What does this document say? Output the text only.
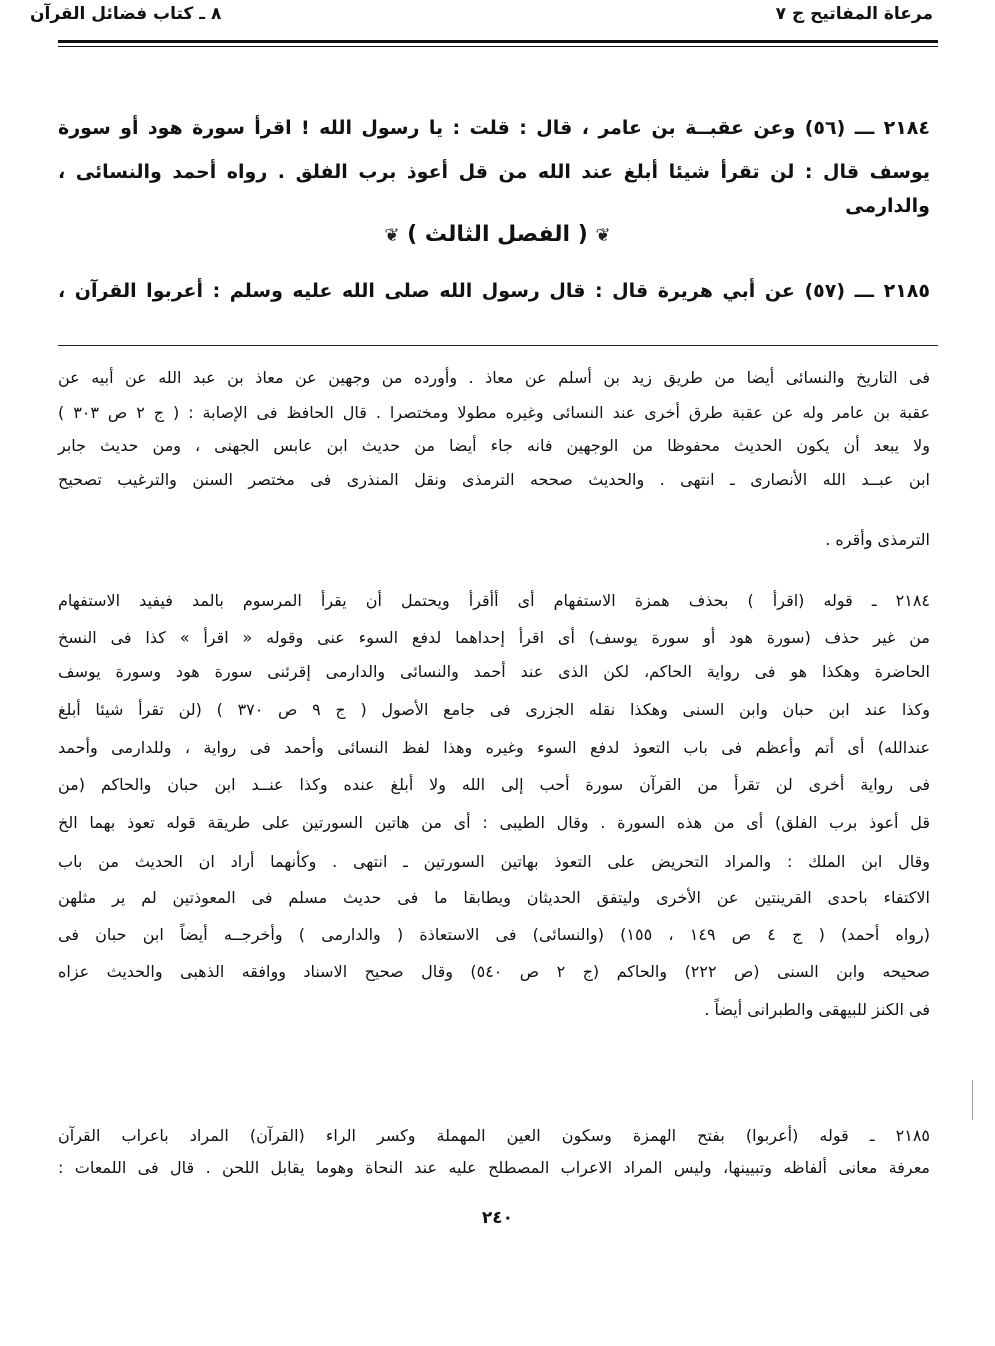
مرعاة المفاتيح ج ٧
٨ ـ كتاب فضائل القرآن
٢١٨٤ ـــ (٥٦) وعن عقبــة بن عامر ، قال : قلت : يا رسول الله ! اقرأ سورة هود أو سورة
يوسف قال : لن تقرأ شيئا أبلغ عند الله من قل أعوذ برب الفلق . رواه أحمد والنسائى ، والدارمى
❦ ( الفصل الثالث ) ❦
٢١٨٥ ـــ (٥٧) عن أبي هريرة قال : قال رسول الله صلى الله عليه وسلم : أعربوا القرآن ،
فى التاريخ والنسائى أيضا من طريق زيد بن أسلم عن معاذ . وأورده من وجهين عن معاذ بن عبد الله عن أبيه عن
عقبة بن عامر وله عن عقبة طرق أخرى عند النسائى وغيره مطولا ومختصرا . قال الحافظ فى الإصابة : ( ج ٢ ص ٣٠٣ )
ولا يبعد أن يكون الحديث محفوظا من الوجهين فانه جاء أيضا من حديث ابن عابس الجهنى ، ومن حديث جابر
ابن عبــد الله الأنصارى ـ انتهى . والحديث صححه الترمذى ونقل المنذرى فى مختصر السنن والترغيب تصحيح
الترمذى وأقره .
٢١٨٤ ـ قوله (اقرأ ) بحذف همزة الاستفهام أى أأقرأ ويحتمل أن يقرأ المرسوم بالمد فيفيد الاستفهام
من غير حذف (سورة هود أو سورة يوسف) أى اقرأ إحداهما لدفع السوء عنى وقوله « اقرأ » كذا فى النسخ
الحاضرة وهكذا هو فى رواية الحاكم، لكن الذى عند أحمد والنسائى والدارمى إقرئنى سورة هود وسورة يوسف
وكذا عند ابن حبان وابن السنى وهكذا نقله الجزرى فى جامع الأصول ( ج ٩ ص ٣٧٠ ) (لن تقرأ شيئا أبلغ
عندالله) أى أتم وأعظم فى باب التعوذ لدفع السوء وغيره وهذا لفظ النسائى وأحمد فى رواية ، وللدارمى وأحمد
فى رواية أخرى لن تقرأ من القرآن سورة أحب إلى الله ولا أبلغ عنده وكذا عنــد ابن حبان والحاكم (من
قل أعوذ برب الفلق) أى من هذه السورة . وقال الطيبى : أى من هاتين السورتين على طريقة قوله تعوذ بهما الخ
وقال ابن الملك : والمراد التحريض على التعوذ بهاتين السورتين ـ انتهى . وكأنهما أراد ان الحديث من باب
الاكتفاء باحدى القرينتين عن الأخرى وليتفق الحديثان ويطابقا ما فى حديث مسلم فى المعوذتين لم ير مثلهن
(رواه أحمد) ( ج ٤ ص ١٤٩ ، ١٥٥) (والنسائى) فى الاستعاذة ( والدارمى ) وأخرجــه أيضاً ابن حبان فى
صحيحه وابن السنى (ص ٢٢٢) والحاكم (ج ٢ ص ٥٤٠) وقال صحيح الاسناد ووافقه الذهبى والحديث عزاه
فى الكنز للبيهقى والطبرانى أيضاً .
٢١٨٥ ـ قوله (أعربوا) بفتح الهمزة وسكون العين المهملة وكسر الراء (القرآن) المراد باعراب القرآن
معرفة معانى ألفاظه وتبيينها، وليس المراد الاعراب المصطلح عليه عند النحاة وهوما يقابل اللحن . قال فى اللمعات :
٢٤٠
